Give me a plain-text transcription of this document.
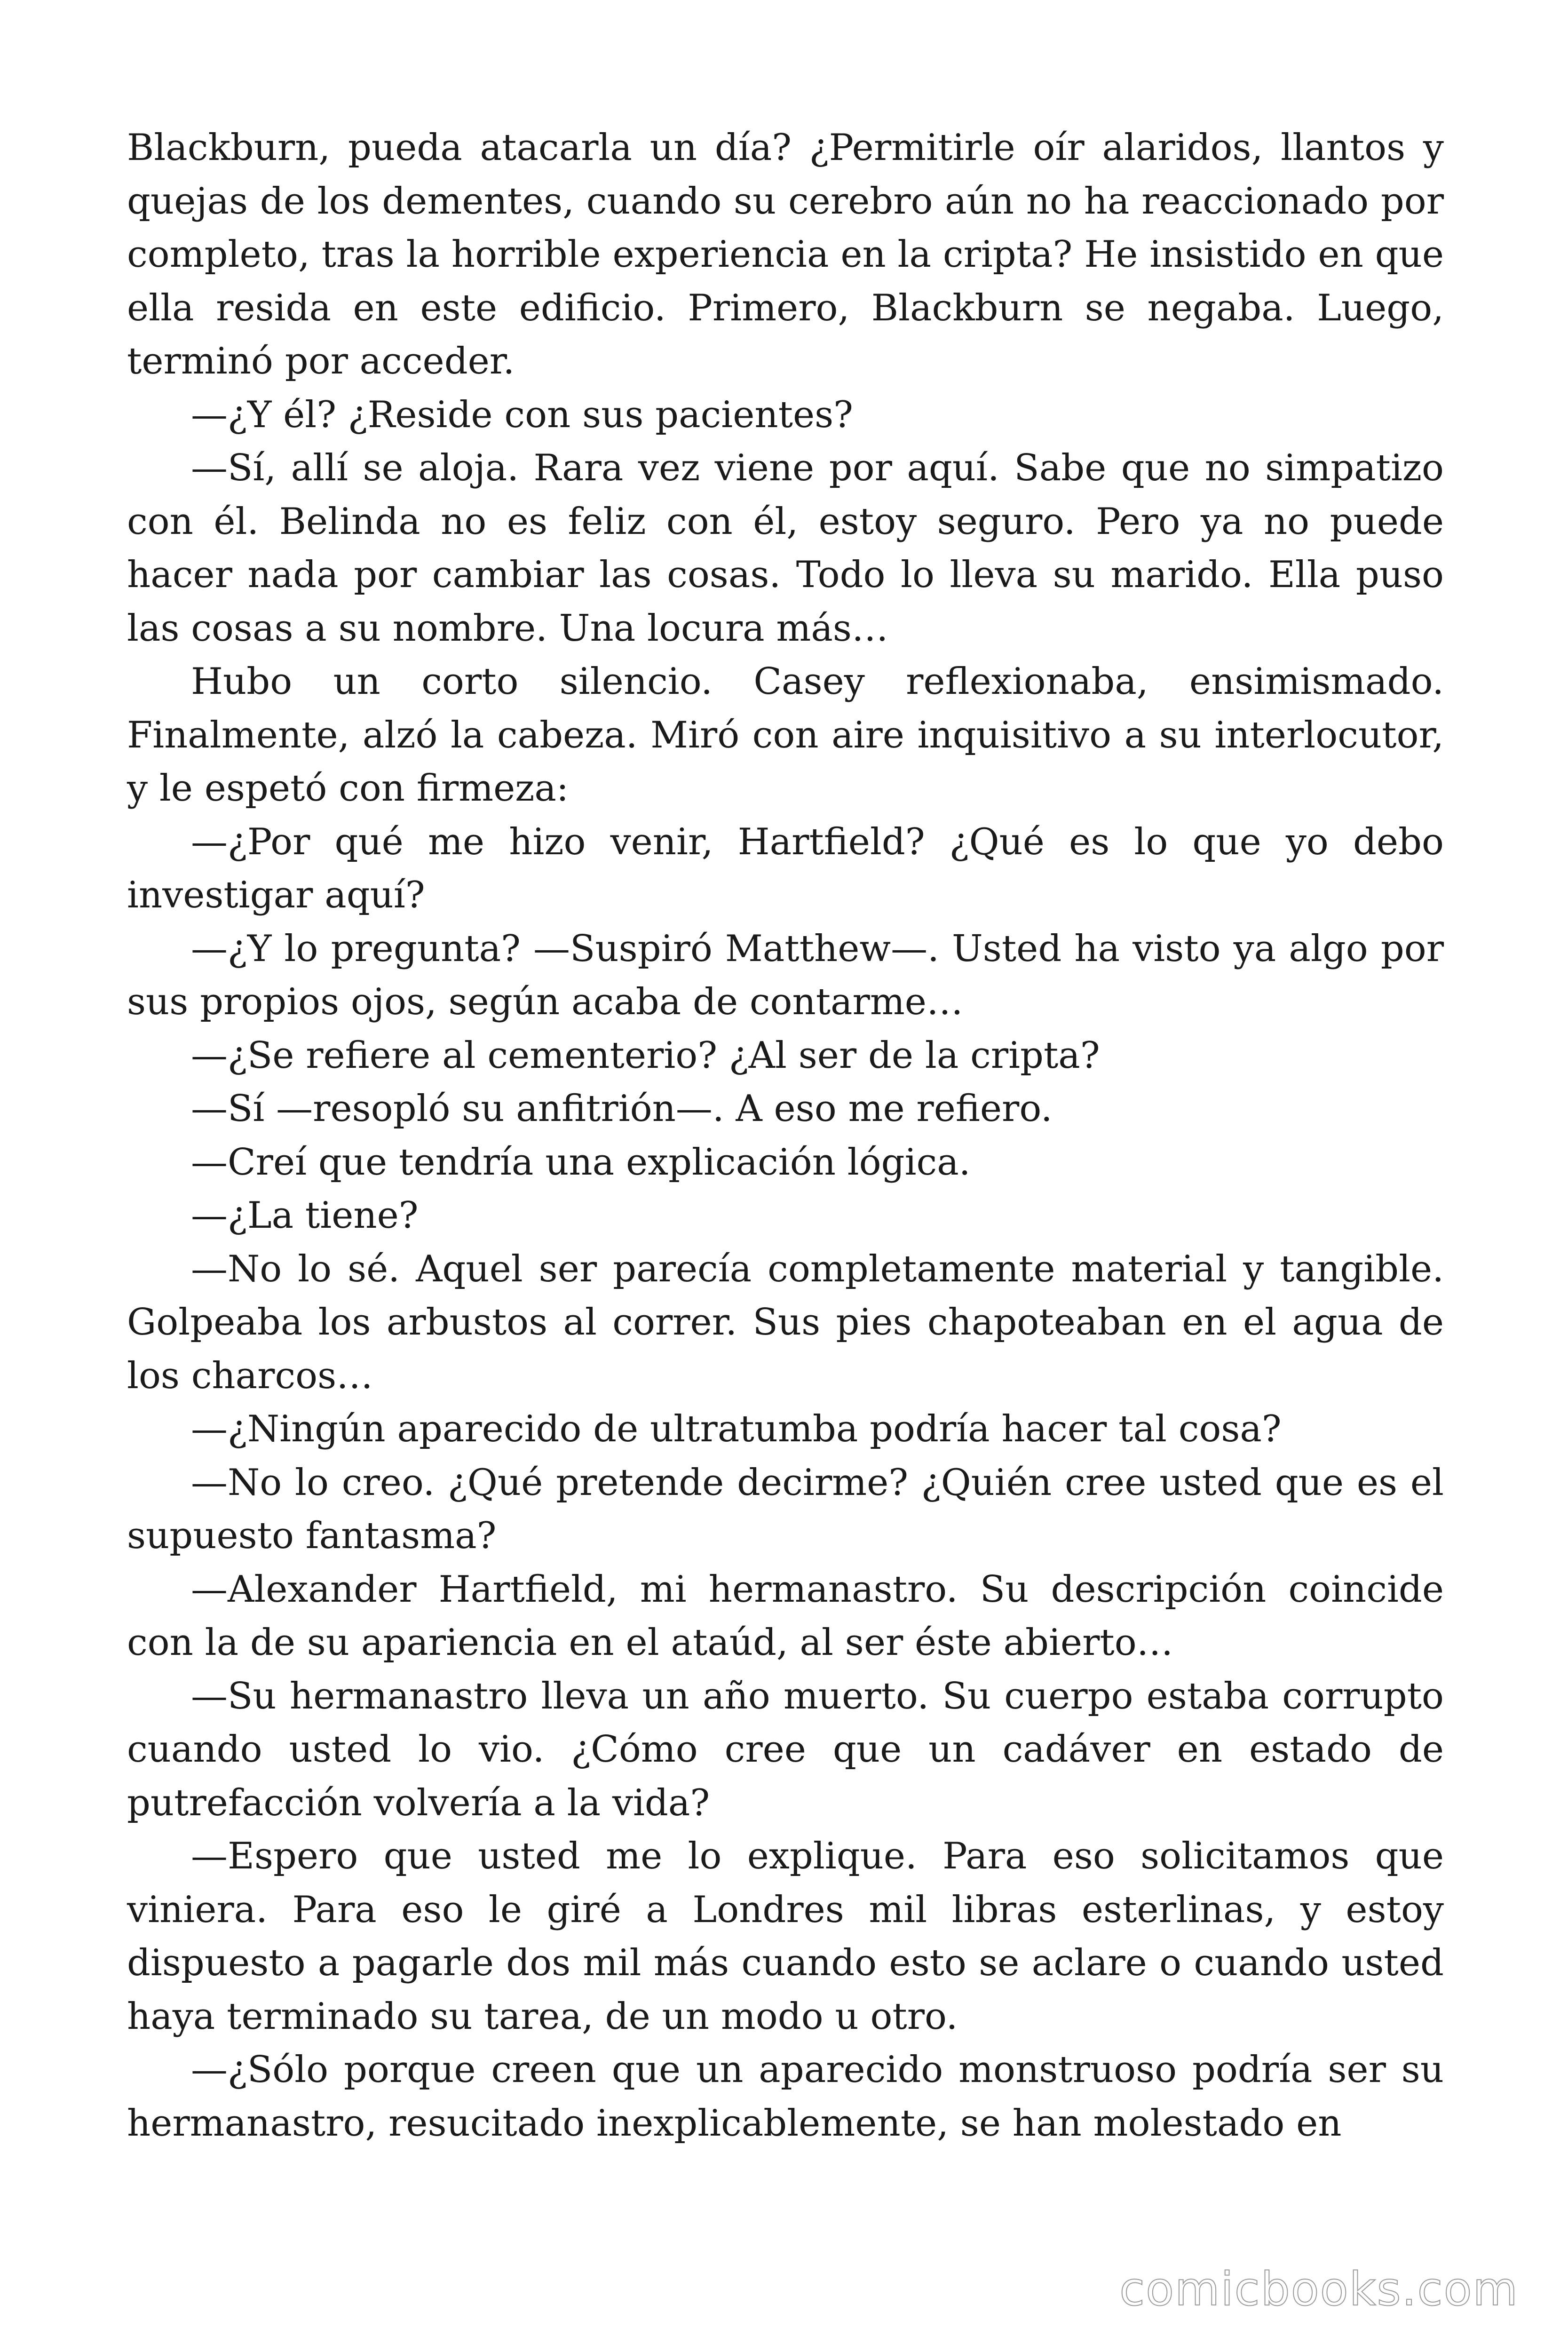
Blackburn, pueda atacarla un día? ¿Permitirle oír alaridos, llantos y quejas de los dementes, cuando su cerebro aún no ha reaccionado por completo, tras la horrible experiencia en la cripta? He insistido en que ella resida en este edificio. Primero, Blackburn se negaba. Luego, terminó por acceder.

—¿Y él? ¿Reside con sus pacientes?

—Sí, allí se aloja. Rara vez viene por aquí. Sabe que no simpatizo con él. Belinda no es feliz con él, estoy seguro. Pero ya no puede hacer nada por cambiar las cosas. Todo lo lleva su marido. Ella puso las cosas a su nombre. Una locura más…

Hubo un corto silencio. Casey reflexionaba, ensimismado. Finalmente, alzó la cabeza. Miró con aire inquisitivo a su interlocutor, y le espetó con firmeza:

—¿Por qué me hizo venir, Hartfield? ¿Qué es lo que yo debo investigar aquí?

—¿Y lo pregunta? —Suspiró Matthew—. Usted ha visto ya algo por sus propios ojos, según acaba de contarme…

—¿Se refiere al cementerio? ¿Al ser de la cripta?

—Sí —resopló su anfitrión—. A eso me refiero.

—Creí que tendría una explicación lógica.

—¿La tiene?

—No lo sé. Aquel ser parecía completamente material y tangible. Golpeaba los arbustos al correr. Sus pies chapoteaban en el agua de los charcos…

—¿Ningún aparecido de ultratumba podría hacer tal cosa?

—No lo creo. ¿Qué pretende decirme? ¿Quién cree usted que es el supuesto fantasma?

—Alexander Hartfield, mi hermanastro. Su descripción coincide con la de su apariencia en el ataúd, al ser éste abierto…

—Su hermanastro lleva un año muerto. Su cuerpo estaba corrupto cuando usted lo vio. ¿Cómo cree que un cadáver en estado de putrefacción volvería a la vida?

—Espero que usted me lo explique. Para eso solicitamos que viniera. Para eso le giré a Londres mil libras esterlinas, y estoy dispuesto a pagarle dos mil más cuando esto se aclare o cuando usted haya terminado su tarea, de un modo u otro.

—¿Sólo porque creen que un aparecido monstruoso podría ser su hermanastro, resucitado inexplicablemente, se han molestado en

comicbooks.com
